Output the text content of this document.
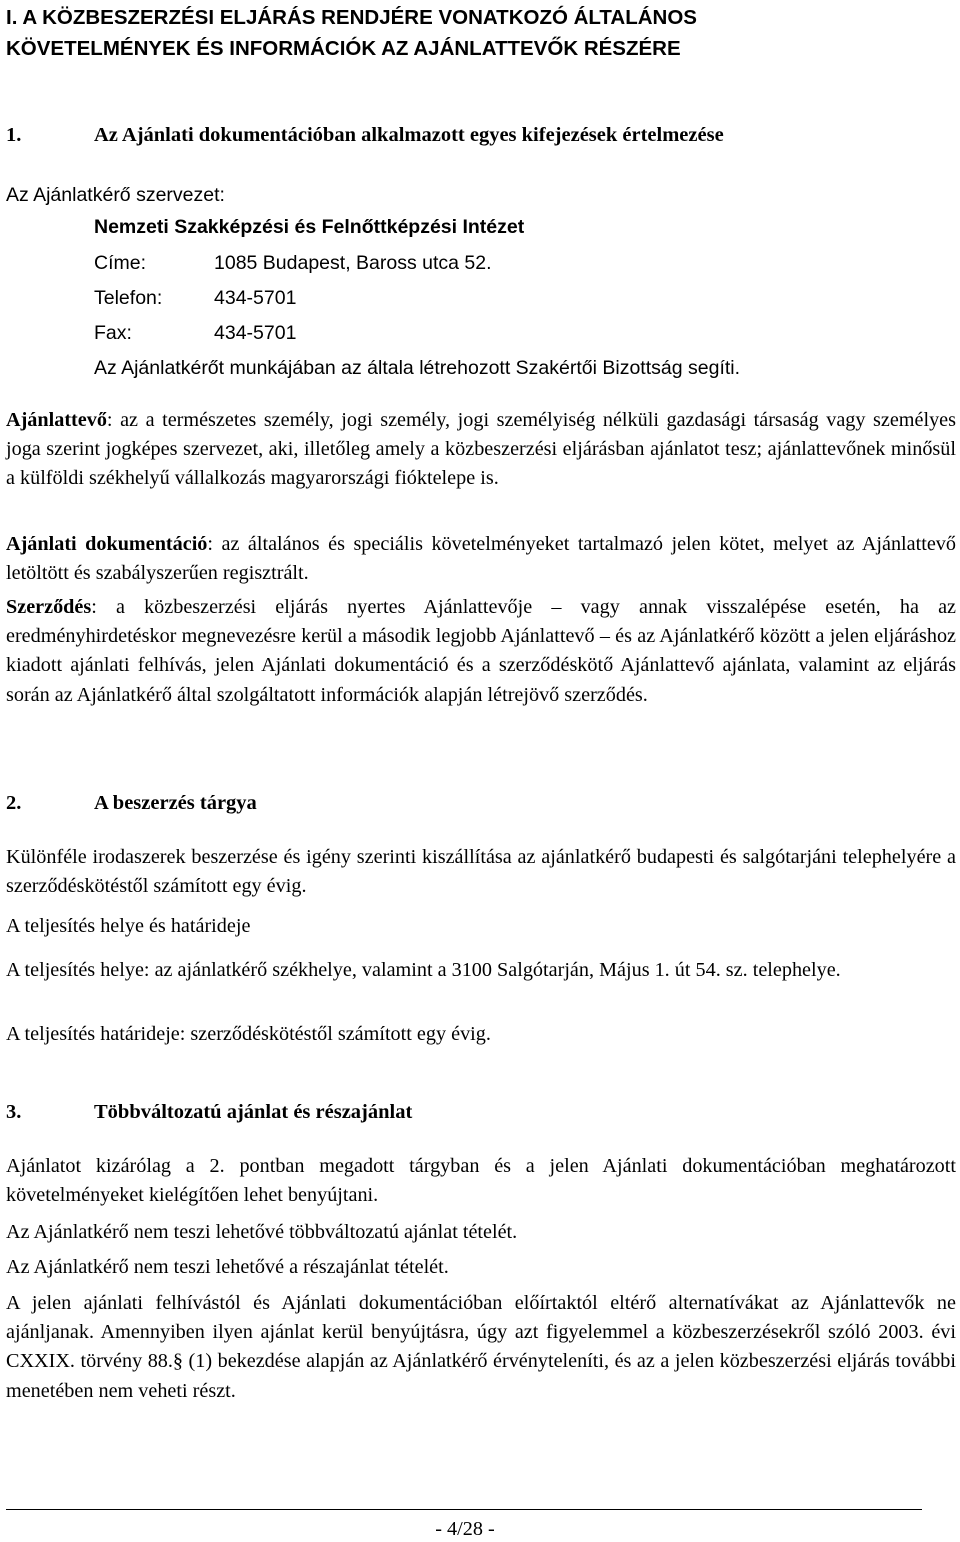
I. A KÖZBESZERZÉSI ELJÁRÁS RENDJÉRE VONATKOZÓ ÁLTALÁNOS
KÖVETELMÉNYEK ÉS INFORMÁCIÓK AZ AJÁNLATTEVŐK RÉSZÉRE
1.	Az Ajánlati dokumentációban alkalmazott egyes kifejezések értelmezése
Az Ajánlatkérő szervezet:
Nemzeti Szakképzési és Felnőttképzési Intézet
Címe:	1085 Budapest, Baross utca 52.
Telefon:	434-5701
Fax:	434-5701
Az Ajánlatkérőt munkájában az általa létrehozott Szakértői Bizottság segíti.
Ajánlattevő: az a természetes személy, jogi személy, jogi személyiség nélküli gazdasági társaság vagy személyes joga szerint jogképes szervezet, aki, illetőleg amely a közbeszerzési eljárásban ajánlatot tesz; ajánlattevőnek minősül a külföldi székhelyű vállalkozás magyarországi fióktelepe is.
Ajánlati dokumentáció: az általános és speciális követelményeket tartalmazó jelen kötet, melyet az Ajánlattevő letöltött és szabályszerűen regisztrált.
Szerződés: a közbeszerzési eljárás nyertes Ajánlattevője – vagy annak visszalépése esetén, ha az eredményhirdetéskor megnevezésre kerül a második legjobb Ajánlattevő – és az Ajánlatkérő között a jelen eljáráshoz kiadott ajánlati felhívás, jelen Ajánlati dokumentáció és a szerződéskötő Ajánlattevő ajánlata, valamint az eljárás során az Ajánlatkérő által szolgáltatott információk alapján létrejövő szerződés.
2.	A beszerzés tárgya
Különféle irodaszerek beszerzése és igény szerinti kiszállítása az ajánlatkérő budapesti és salgótarjáni telephelyére a szerződéskötéstől számított egy évig.
A teljesítés helye és határideje
A teljesítés helye: az ajánlatkérő székhelye, valamint a 3100 Salgótarján, Május 1. út 54. sz. telephelye.
A teljesítés határideje: szerződéskötéstől számított egy évig.
3.	Többváltozatú ajánlat és részajánlat
Ajánlatot kizárólag a 2. pontban megadott tárgyban és a jelen Ajánlati dokumentációban meghatározott követelményeket kielégítően lehet benyújtani.
Az Ajánlatkérő nem teszi lehetővé többváltozatú ajánlat tételét.
Az Ajánlatkérő nem teszi lehetővé a részajánlat tételét.
A jelen ajánlati felhívástól és Ajánlati dokumentációban előírtaktól eltérő alternatívákat az Ajánlattevők ne ajánljanak. Amennyiben ilyen ajánlat kerül benyújtásra, úgy azt figyelemmel a közbeszerzésekről szóló 2003. évi CXXIX. törvény 88.§ (1) bekezdése alapján az Ajánlatkérő érvényteleníti, és az a jelen közbeszerzési eljárás további menetében nem veheti részt.
- 4/28 -
